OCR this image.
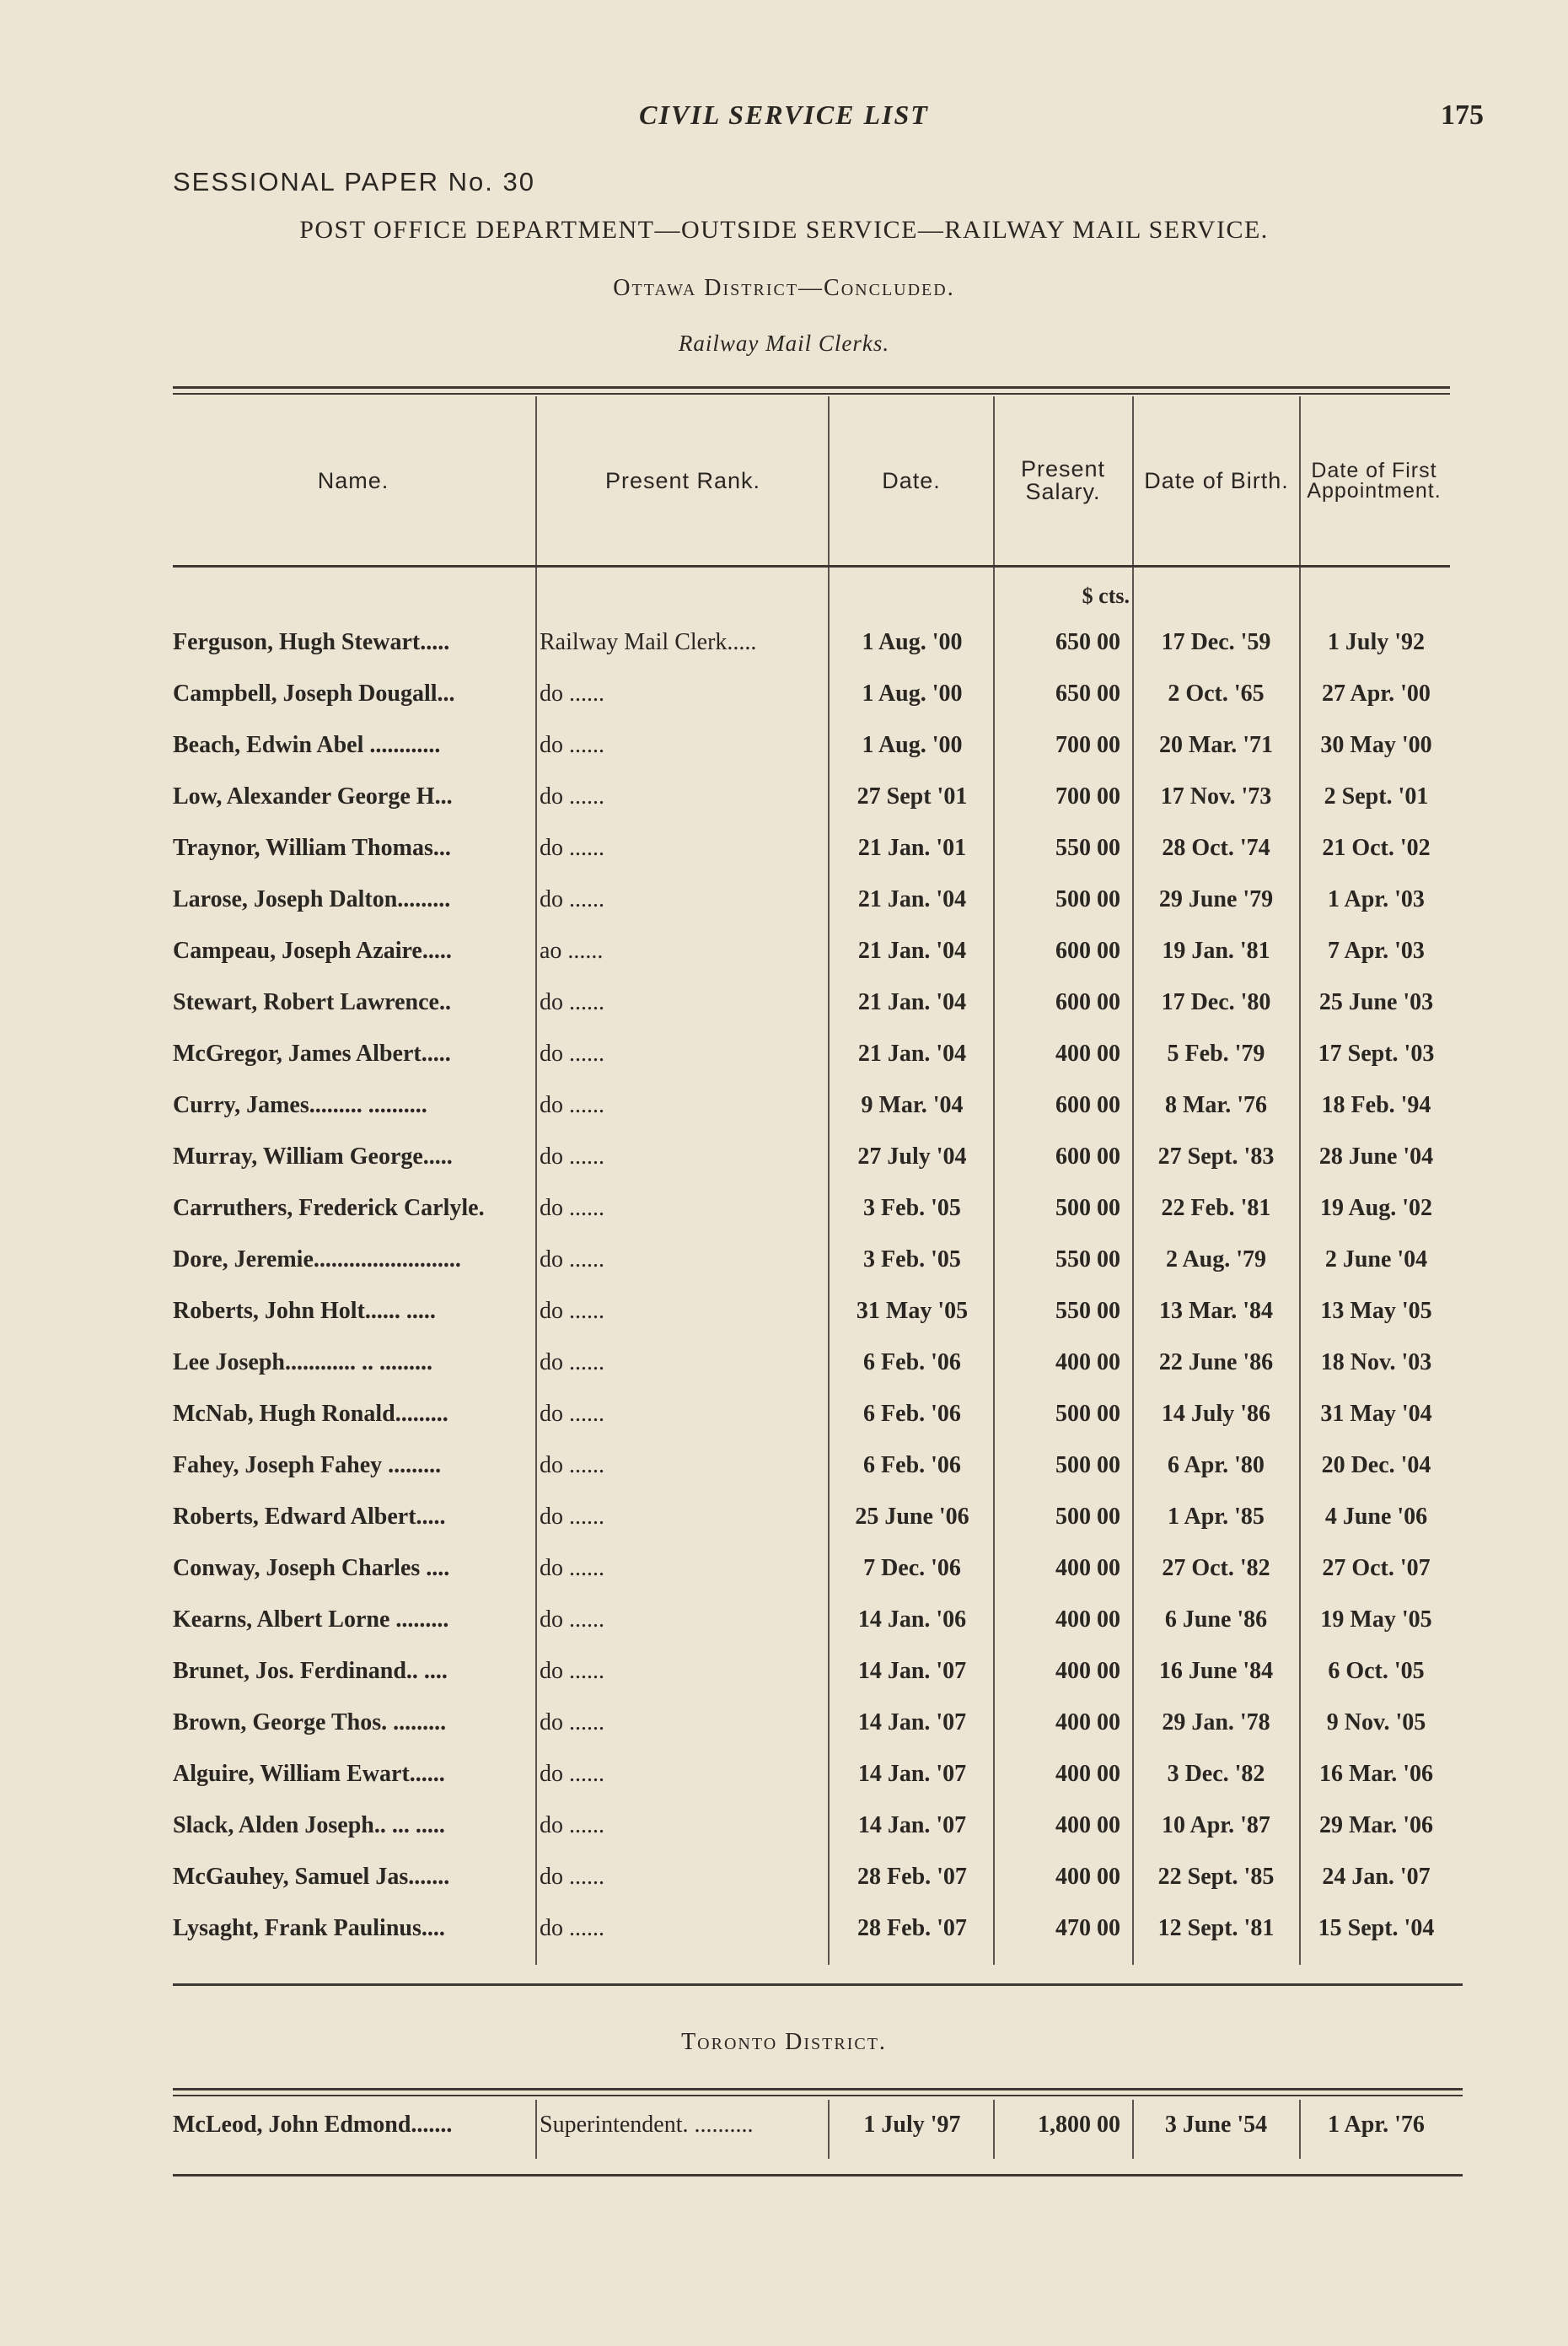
CIVIL SERVICE LIST	175
SESSIONAL PAPER No. 30
POST OFFICE DEPARTMENT—OUTSIDE SERVICE—RAILWAY MAIL SERVICE.
Ottawa District—Concluded.
Railway Mail Clerks.
Name.	Present Rank.	Date.	Present Salary.	Date of Birth.	Date of First Appointment.
$ cts.
Ferguson, Hugh Stewart.....	Railway Mail Clerk.....	1 Aug. '00	650 00	17 Dec. '59	1 July '92
Campbell, Joseph Dougall...	do ......	1 Aug. '00	650 00	2 Oct. '65	27 Apr. '00
Beach, Edwin Abel ............	do ......	1 Aug. '00	700 00	20 Mar. '71	30 May '00
Low, Alexander George H...	do ......	27 Sept '01	700 00	17 Nov. '73	2 Sept. '01
Traynor, William Thomas...	do ......	21 Jan. '01	550 00	28 Oct. '74	21 Oct. '02
Larose, Joseph Dalton.........	do ......	21 Jan. '04	500 00	29 June '79	1 Apr. '03
Campeau, Joseph Azaire.....	ao ......	21 Jan. '04	600 00	19 Jan. '81	7 Apr. '03
Stewart, Robert Lawrence..	do ......	21 Jan. '04	600 00	17 Dec. '80	25 June '03
McGregor, James Albert.....	do ......	21 Jan. '04	400 00	5 Feb. '79	17 Sept. '03
Curry, James......... ..........	do ......	9 Mar. '04	600 00	8 Mar. '76	18 Feb. '94
Murray, William George.....	do ......	27 July '04	600 00	27 Sept. '83	28 June '04
Carruthers, Frederick Carlyle.	do ......	3 Feb. '05	500 00	22 Feb. '81	19 Aug. '02
Dore, Jeremie.........................	do ......	3 Feb. '05	550 00	2 Aug. '79	2 June '04
Roberts, John Holt...... .....	do ......	31 May '05	550 00	13 Mar. '84	13 May '05
Lee Joseph............ .. .........	do ......	6 Feb. '06	400 00	22 June '86	18 Nov. '03
McNab, Hugh Ronald.........	do ......	6 Feb. '06	500 00	14 July '86	31 May '04
Fahey, Joseph Fahey .........	do ......	6 Feb. '06	500 00	6 Apr. '80	20 Dec. '04
Roberts, Edward Albert.....	do ......	25 June '06	500 00	1 Apr. '85	4 June '06
Conway, Joseph Charles ....	do ......	7 Dec. '06	400 00	27 Oct. '82	27 Oct. '07
Kearns, Albert Lorne .........	do ......	14 Jan. '06	400 00	6 June '86	19 May '05
Brunet, Jos. Ferdinand.. ....	do ......	14 Jan. '07	400 00	16 June '84	6 Oct. '05
Brown, George Thos. .........	do ......	14 Jan. '07	400 00	29 Jan. '78	9 Nov. '05
Alguire, William Ewart......	do ......	14 Jan. '07	400 00	3 Dec. '82	16 Mar. '06
Slack, Alden Joseph.. ... .....	do ......	14 Jan. '07	400 00	10 Apr. '87	29 Mar. '06
McGauhey, Samuel Jas.......	do ......	28 Feb. '07	400 00	22 Sept. '85	24 Jan. '07
Lysaght, Frank Paulinus....	do ......	28 Feb. '07	470 00	12 Sept. '81	15 Sept. '04
Toronto District.
McLeod, John Edmond.......	Superintendent. ..........	1 July '97	1,800 00	3 June '54	1 Apr. '76
